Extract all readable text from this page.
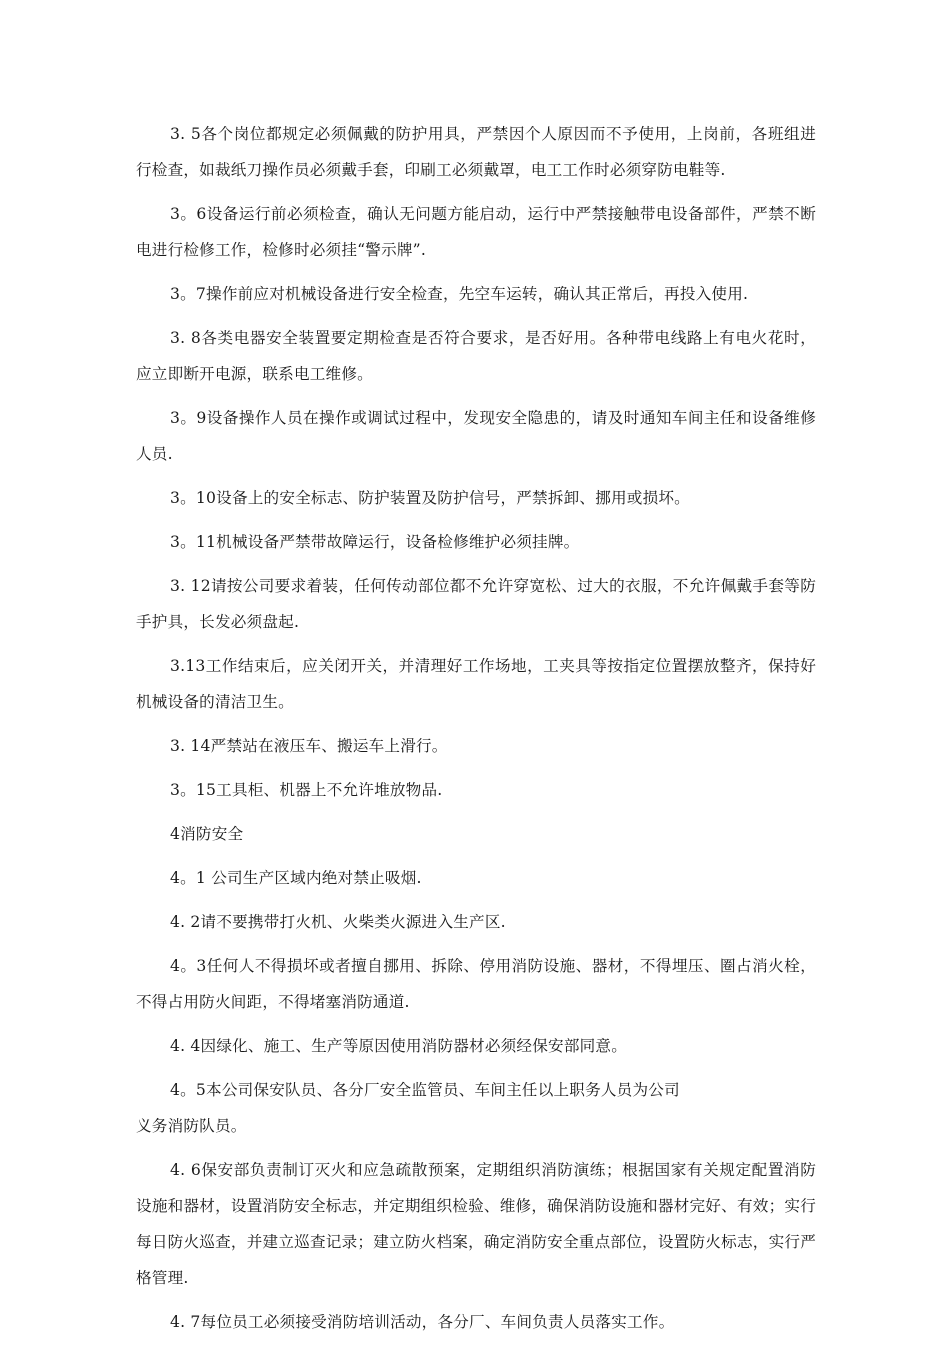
3. 5各个岗位都规定必须佩戴的防护用具，严禁因个人原因而不予使用，上岗前，各班组进行检查，如裁纸刀操作员必须戴手套，印刷工必须戴罩，电工工作时必须穿防电鞋等.

3。6设备运行前必须检查，确认无问题方能启动，运行中严禁接触带电设备部件，严禁不断电进行检修工作，检修时必须挂“警示牌”.

3。7操作前应对机械设备进行安全检查，先空车运转，确认其正常后，再投入使用.

3. 8各类电器安全装置要定期检查是否符合要求，是否好用。各种带电线路上有电火花时，应立即断开电源，联系电工维修。

3。9设备操作人员在操作或调试过程中，发现安全隐患的，请及时通知车间主任和设备维修人员.

3。10设备上的安全标志、防护装置及防护信号，严禁拆卸、挪用或损坏。

3。11机械设备严禁带故障运行，设备检修维护必须挂牌。

3. 12请按公司要求着装，任何传动部位都不允许穿宽松、过大的衣服，不允许佩戴手套等防手护具，长发必须盘起.

3.13工作结束后，应关闭开关，并清理好工作场地，工夹具等按指定位置摆放整齐，保持好机械设备的清洁卫生。

3. 14严禁站在液压车、搬运车上滑行。

3。15工具柜、机器上不允许堆放物品.

4消防安全

4。1 公司生产区域内绝对禁止吸烟.

4. 2请不要携带打火机、火柴类火源进入生产区.

4。3任何人不得损坏或者擅自挪用、拆除、停用消防设施、器材，不得埋压、圈占消火栓，不得占用防火间距，不得堵塞消防通道.

4. 4因绿化、施工、生产等原因使用消防器材必须经保安部同意。

4。5本公司保安队员、各分厂安全监管员、车间主任以上职务人员为公司

义务消防队员。

4. 6保安部负责制订灭火和应急疏散预案，定期组织消防演练；根据国家有关规定配置消防设施和器材，设置消防安全标志，并定期组织检验、维修，确保消防设施和器材完好、有效；实行每日防火巡查，并建立巡查记录；建立防火档案，确定消防安全重点部位，设置防火标志，实行严格管理.

4. 7每位员工必须接受消防培训活动，各分厂、车间负责人员落实工作。
